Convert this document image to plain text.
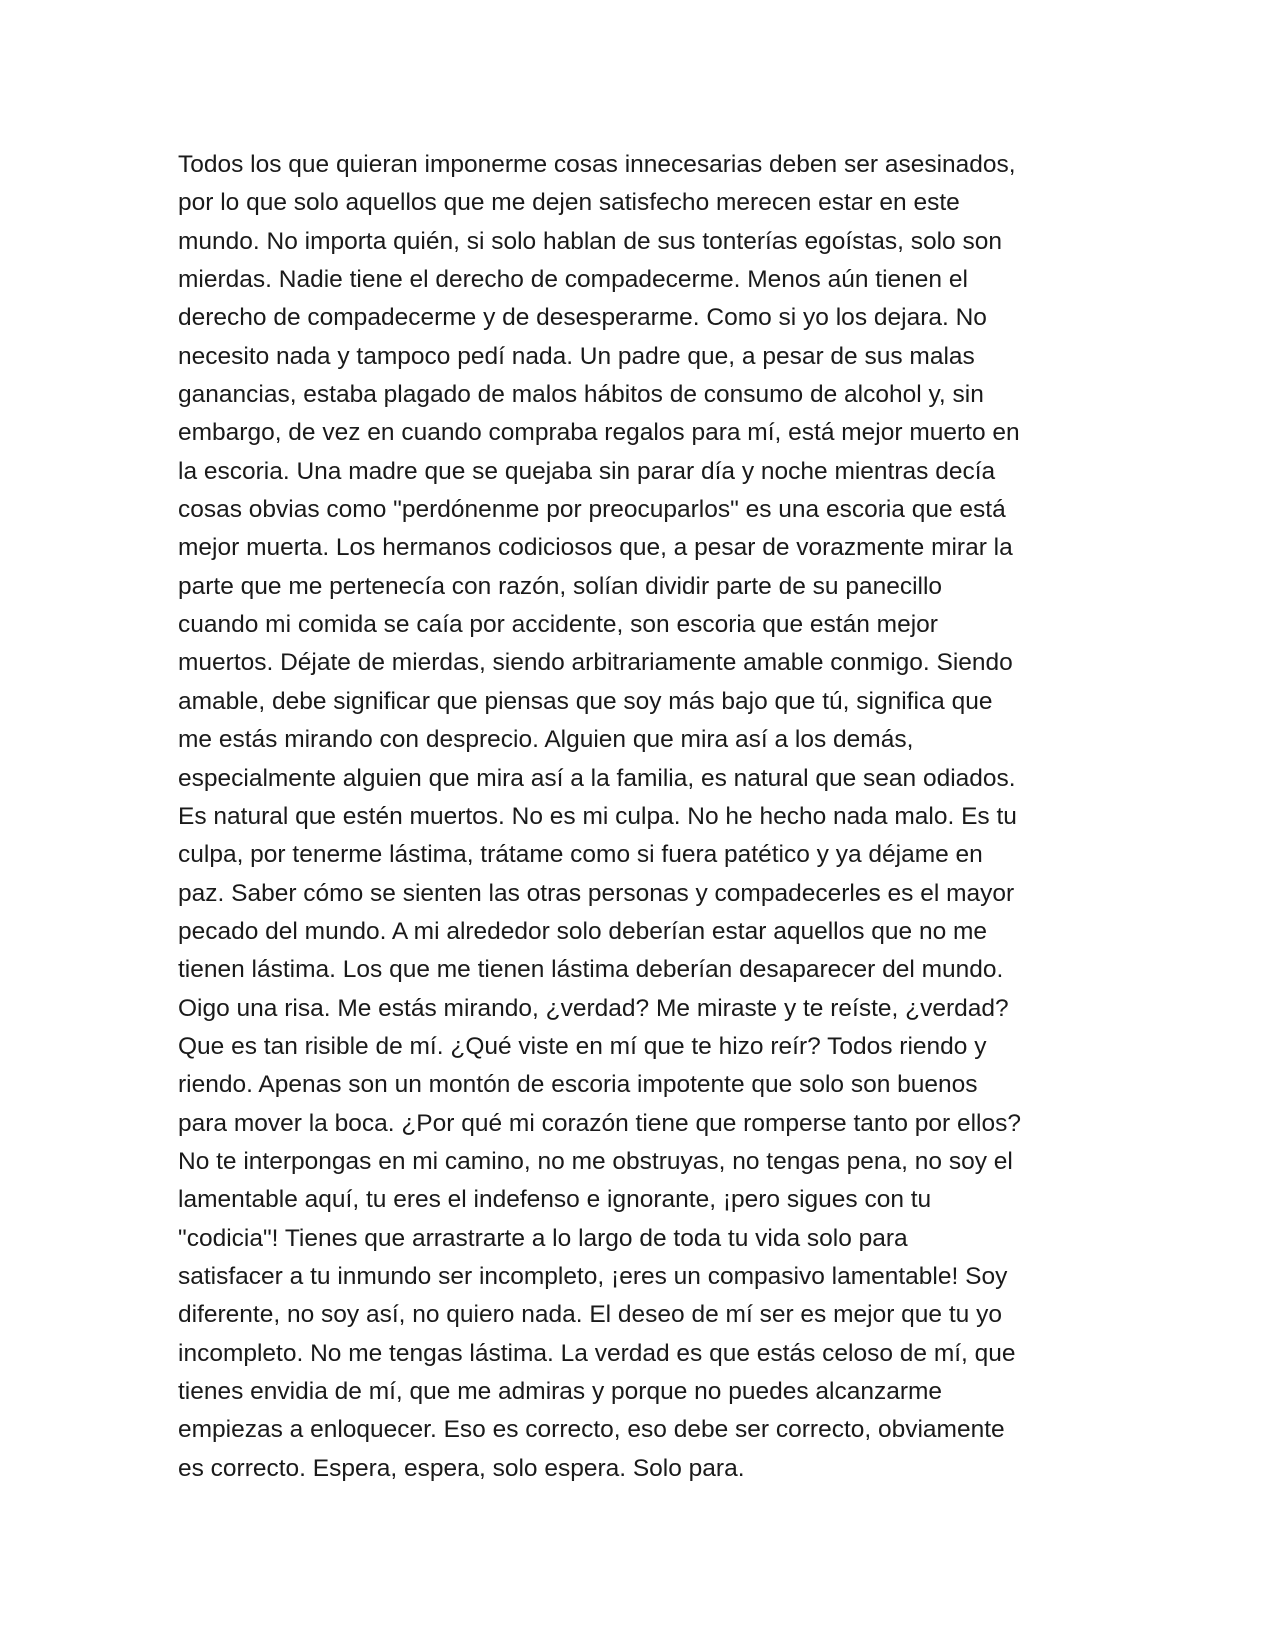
Todos los que quieran imponerme cosas innecesarias deben ser asesinados,
por lo que solo aquellos que me dejen satisfecho merecen estar en este
mundo. No importa quién, si solo hablan de sus tonterías egoístas, solo son
mierdas. Nadie tiene el derecho de compadecerme. Menos aún tienen el
derecho de compadecerme y de desesperarme. Como si yo los dejara. No
necesito nada y tampoco pedí nada. Un padre que, a pesar de sus malas
ganancias, estaba plagado de malos hábitos de consumo de alcohol y, sin
embargo, de vez en cuando compraba regalos para mí, está mejor muerto en
la escoria. Una madre que se quejaba sin parar día y noche mientras decía
cosas obvias como "perdónenme por preocuparlos" es una escoria que está
mejor muerta. Los hermanos codiciosos que, a pesar de vorazmente mirar la
parte que me pertenecía con razón, solían dividir parte de su panecillo
cuando mi comida se caía por accidente, son escoria que están mejor
muertos. Déjate de mierdas, siendo arbitrariamente amable conmigo. Siendo
amable, debe significar que piensas que soy más bajo que tú, significa que
me estás mirando con desprecio. Alguien que mira así a los demás,
especialmente alguien que mira así a la familia, es natural que sean odiados.
Es natural que estén muertos. No es mi culpa. No he hecho nada malo. Es tu
culpa, por tenerme lástima, trátame como si fuera patético y ya déjame en
paz. Saber cómo se sienten las otras personas y compadecerles es el mayor
pecado del mundo. A mi alrededor solo deberían estar aquellos que no me
tienen lástima. Los que me tienen lástima deberían desaparecer del mundo.
Oigo una risa. Me estás mirando, ¿verdad? Me miraste y te reíste, ¿verdad?
Que es tan risible de mí. ¿Qué viste en mí que te hizo reír? Todos riendo y
riendo. Apenas son un montón de escoria impotente que solo son buenos
para mover la boca. ¿Por qué mi corazón tiene que romperse tanto por ellos?
No te interpongas en mi camino, no me obstruyas, no tengas pena, no soy el
lamentable aquí, tu eres el indefenso e ignorante, ¡pero sigues con tu
"codicia"! Tienes que arrastrarte a lo largo de toda tu vida solo para
satisfacer a tu inmundo ser incompleto, ¡eres un compasivo lamentable! Soy
diferente, no soy así, no quiero nada. El deseo de mí ser es mejor que tu yo
incompleto. No me tengas lástima. La verdad es que estás celoso de mí, que
tienes envidia de mí, que me admiras y porque no puedes alcanzarme
empiezas a enloquecer. Eso es correcto, eso debe ser correcto, obviamente
es correcto. Espera, espera, solo espera. Solo para.
